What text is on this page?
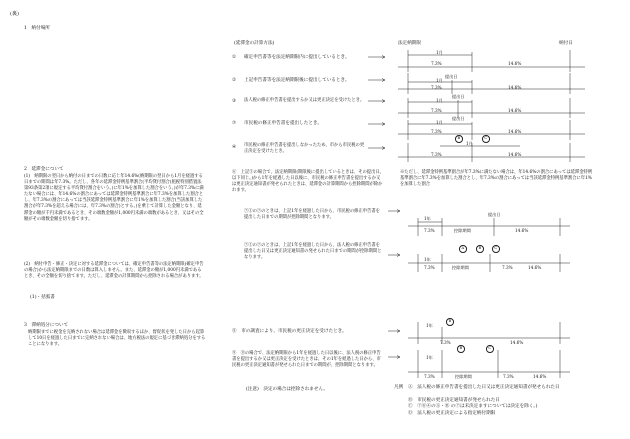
(裏)
1　納付場所
(延滞金の計算方法)	法定納期限	納付日
① 確定申告書等を法定納期限内に提出しているとき。
② 上記申告書等を法定納期限後に提出しているとき。
③ 法人税の修正申告書を提出するか又は更正決定を受けたとき。
⑦ 市民税の修正申告書を提出したとき。
④ 市民税の修正申告書を提出しなかったため、市から市民税の更正決定を受けたとき。
2　延滞金について
(1)　納期限の翌日から納付の日までの日数に応じ年14.6%(納期限の翌日から1月を経過する日までの期間は年7.3%。ただし、各年の延滞金特例基準割合(平均貸付割合(租税特別措置法第93条第2項に規定する平均貸付割合をいう。)に年1%を加算した割合をいう。)が年7.3%に満たない場合には、年14.6%の割合にあっては延滞金特例基準割合に年7.3%を加算した割合とし、年7.3%の割合にあっては当該延滞金特例基準割合に年1%を加算した割合(当該加算した割合が年7.3%を超える場合には、年7.3%の割合)とする。)を乗じて計算した金額となり、延滞金の額が千円未満であるとき、その端数金額が1,000円未満の端数があるとき、又はその全額がその端数金額を切り捨てます。
(2)　納付申告・修正・決定に対する延滞金については、確定申告書等の法定納期限(確定申告の場合)から法定納期限までの日数は算入しません。また、延滞金の額が1,000円未満であるとき、その全額を切り捨てます。ただし、延滞金の計算期間から控除される場合があります。
(1)・括弧書
⑥　上記③の場合で、法定納期限(期限後に提出しているときは、その提出日。以下同じ。)から1年を経過した日以後に、市民税の修正申告書を提出するか又は更正決定通知書が発せられたときは、延滞金の計算期間から控除期間が除かれます。
※ただし、延滞金特例基準割合が年7.3%に満たない場合は、年14.6%の割合にあっては延滞金特例基準割合に年7.3%を加算した割合とし、年7.3%の割合にあっては当該延滞金特例基準割合に年1%を加算した割合
⑦①の⑦のときは、上記1年を経過した日から、市民税の修正申告書を提出した日までの期間が控除期間となります。
⑦①の⑦のときは、上記1年を経過した日から、法人税の修正申告書を提出した日又は更正決定通知書の発せられた日までの期間が控除期間となります。
3　滞納処分について
納期限までに税金を完納されない場合は延滞金を徴収するほか、督促状を発した日から起算して10日を経過した日までに完納されない場合は、地方税法の規定に基づき滞納処分をすることになります。
⑧　市の調査により、市民税の更正決定を受けたとき。
⑨　⑧の場合で、法定納期限から1年を経過した日以後に、法人税の修正申告書を提出するか又は更正決定を受けたときは、その1年を経過した日から、市民税の更正決定通知書が発せられた日までの期間が、控除期間となります。
(注意)　決定の場合は控除されません。	凡例 Ⓐ　法人税の修正申告書を提出した日又は更正決定通知書が発せられた日
Ⓑ　市民税の更正決定通知書が発せられた日
Ⓒ　⑦⑥④のⒶ・Ⓑ の⑦は未決定ますについては決定を除く。)
Ⓓ　法人税の更正決定による指定納付期限
1月
7.3%	14.6%
提出日
1月
7.3%	14.6%
提出日
1月
7.3%	14.6%
提出日
1月
7.3%	14.6%
1月
7.3%	14.6%
提出日
1年
7.3%	控除期間	14.6%
1年
7.3%	控除期間	7.3%	14.6%
1年
7.3%	14.6%
1年
7.3%	控除期間	7.3%	14.6%
B	C
A	B	C
B
B	C
